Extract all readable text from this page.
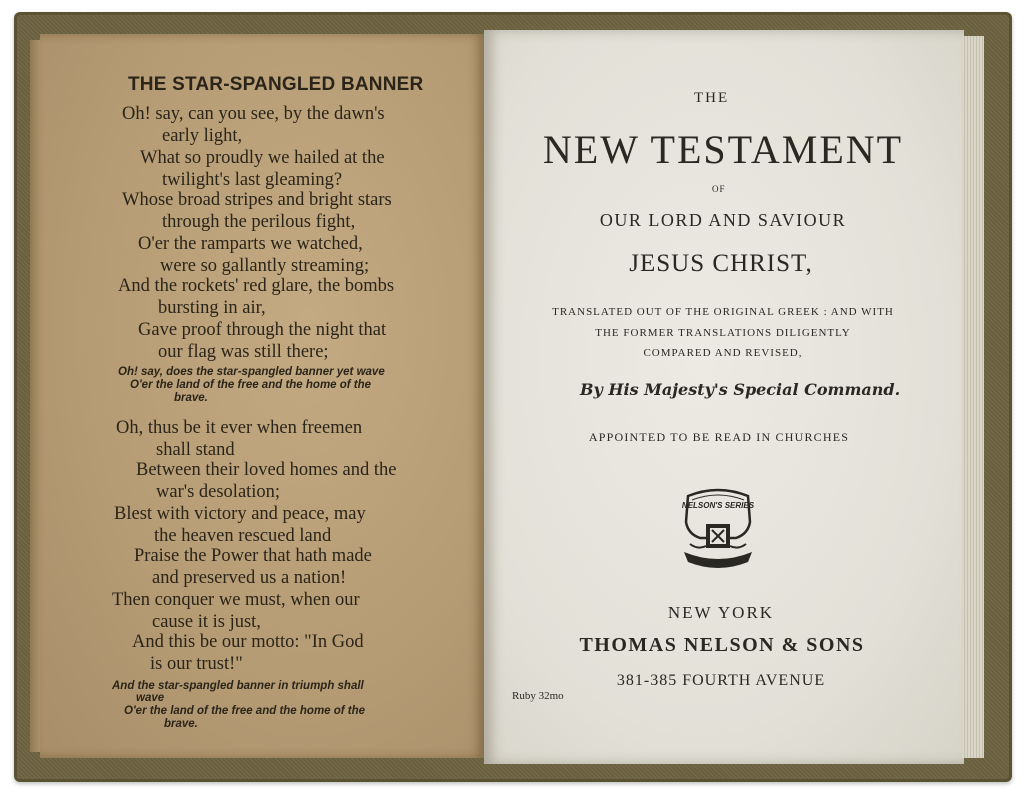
THE STAR-SPANGLED BANNER
Oh! say, can you see, by the dawn's
early light,
What so proudly we hailed at the
twilight's last gleaming?
Whose broad stripes and bright stars
through the perilous fight,
O'er the ramparts we watched,
were so gallantly streaming;
And the rockets' red glare, the bombs
bursting in air,
Gave proof through the night that
our flag was still there;
Oh! say, does the star-spangled banner yet wave
O'er the land of the free and the home of the
brave.
Oh, thus be it ever when freemen
shall stand
Between their loved homes and the
war's desolation;
Blest with victory and peace, may
the heaven rescued land
Praise the Power that hath made
and preserved us a nation!
Then conquer we must, when our
cause it is just,
And this be our motto: "In God
is our trust!"
And the star-spangled banner in triumph shall
wave
O'er the land of the free and the home of the
brave.
THE
NEW TESTAMENT
OF
OUR LORD AND SAVIOUR
JESUS CHRIST,
TRANSLATED OUT OF THE ORIGINAL GREEK : AND WITH
THE FORMER TRANSLATIONS DILIGENTLY
COMPARED AND REVISED,
By His Majesty's Special Command.
APPOINTED TO BE READ IN CHURCHES
NELSON'S SERIES
NEW YORK
THOMAS NELSON & SONS
381-385 FOURTH AVENUE
Ruby 32mo
